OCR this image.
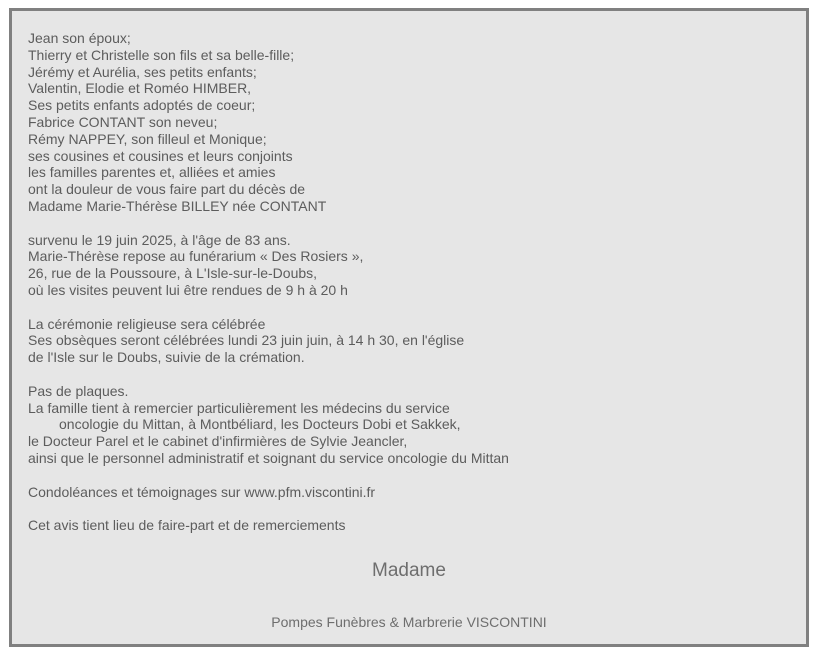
Jean son époux;
Thierry et Christelle son fils et sa belle-fille;
Jérémy et Aurélia, ses petits enfants;
Valentin, Elodie et Roméo HIMBER,
Ses petits enfants adoptés de coeur;
Fabrice CONTANT son neveu;
Rémy NAPPEY, son filleul et Monique;
ses cousines et cousines et leurs conjoints
les familles parentes et, alliées et amies
ont la douleur de vous faire part du décès de
Madame Marie-Thérèse BILLEY née CONTANT
survenu le 19 juin 2025, à l'âge de 83 ans.
Marie-Thérèse repose au funérarium « Des Rosiers »,
26, rue de la Poussoure, à L'Isle-sur-le-Doubs,
où les visites peuvent lui être rendues de 9 h à 20 h
La cérémonie religieuse sera célébrée
Ses obsèques seront célébrées lundi 23 juin juin, à 14 h 30, en l'église
de l'Isle sur le Doubs, suivie de la crémation.
Pas de plaques.
La famille tient à remercier particulièrement les médecins du service
oncologie du Mittan, à Montbéliard, les Docteurs Dobi et Sakkek,
le Docteur Parel et le cabinet d'infirmières de Sylvie Jeancler,
ainsi que le personnel administratif et soignant du service oncologie du Mittan
Condoléances et témoignages sur www.pfm.viscontini.fr
Cet avis tient lieu de faire-part et de remerciements
Madame
Pompes Funèbres & Marbrerie VISCONTINI
